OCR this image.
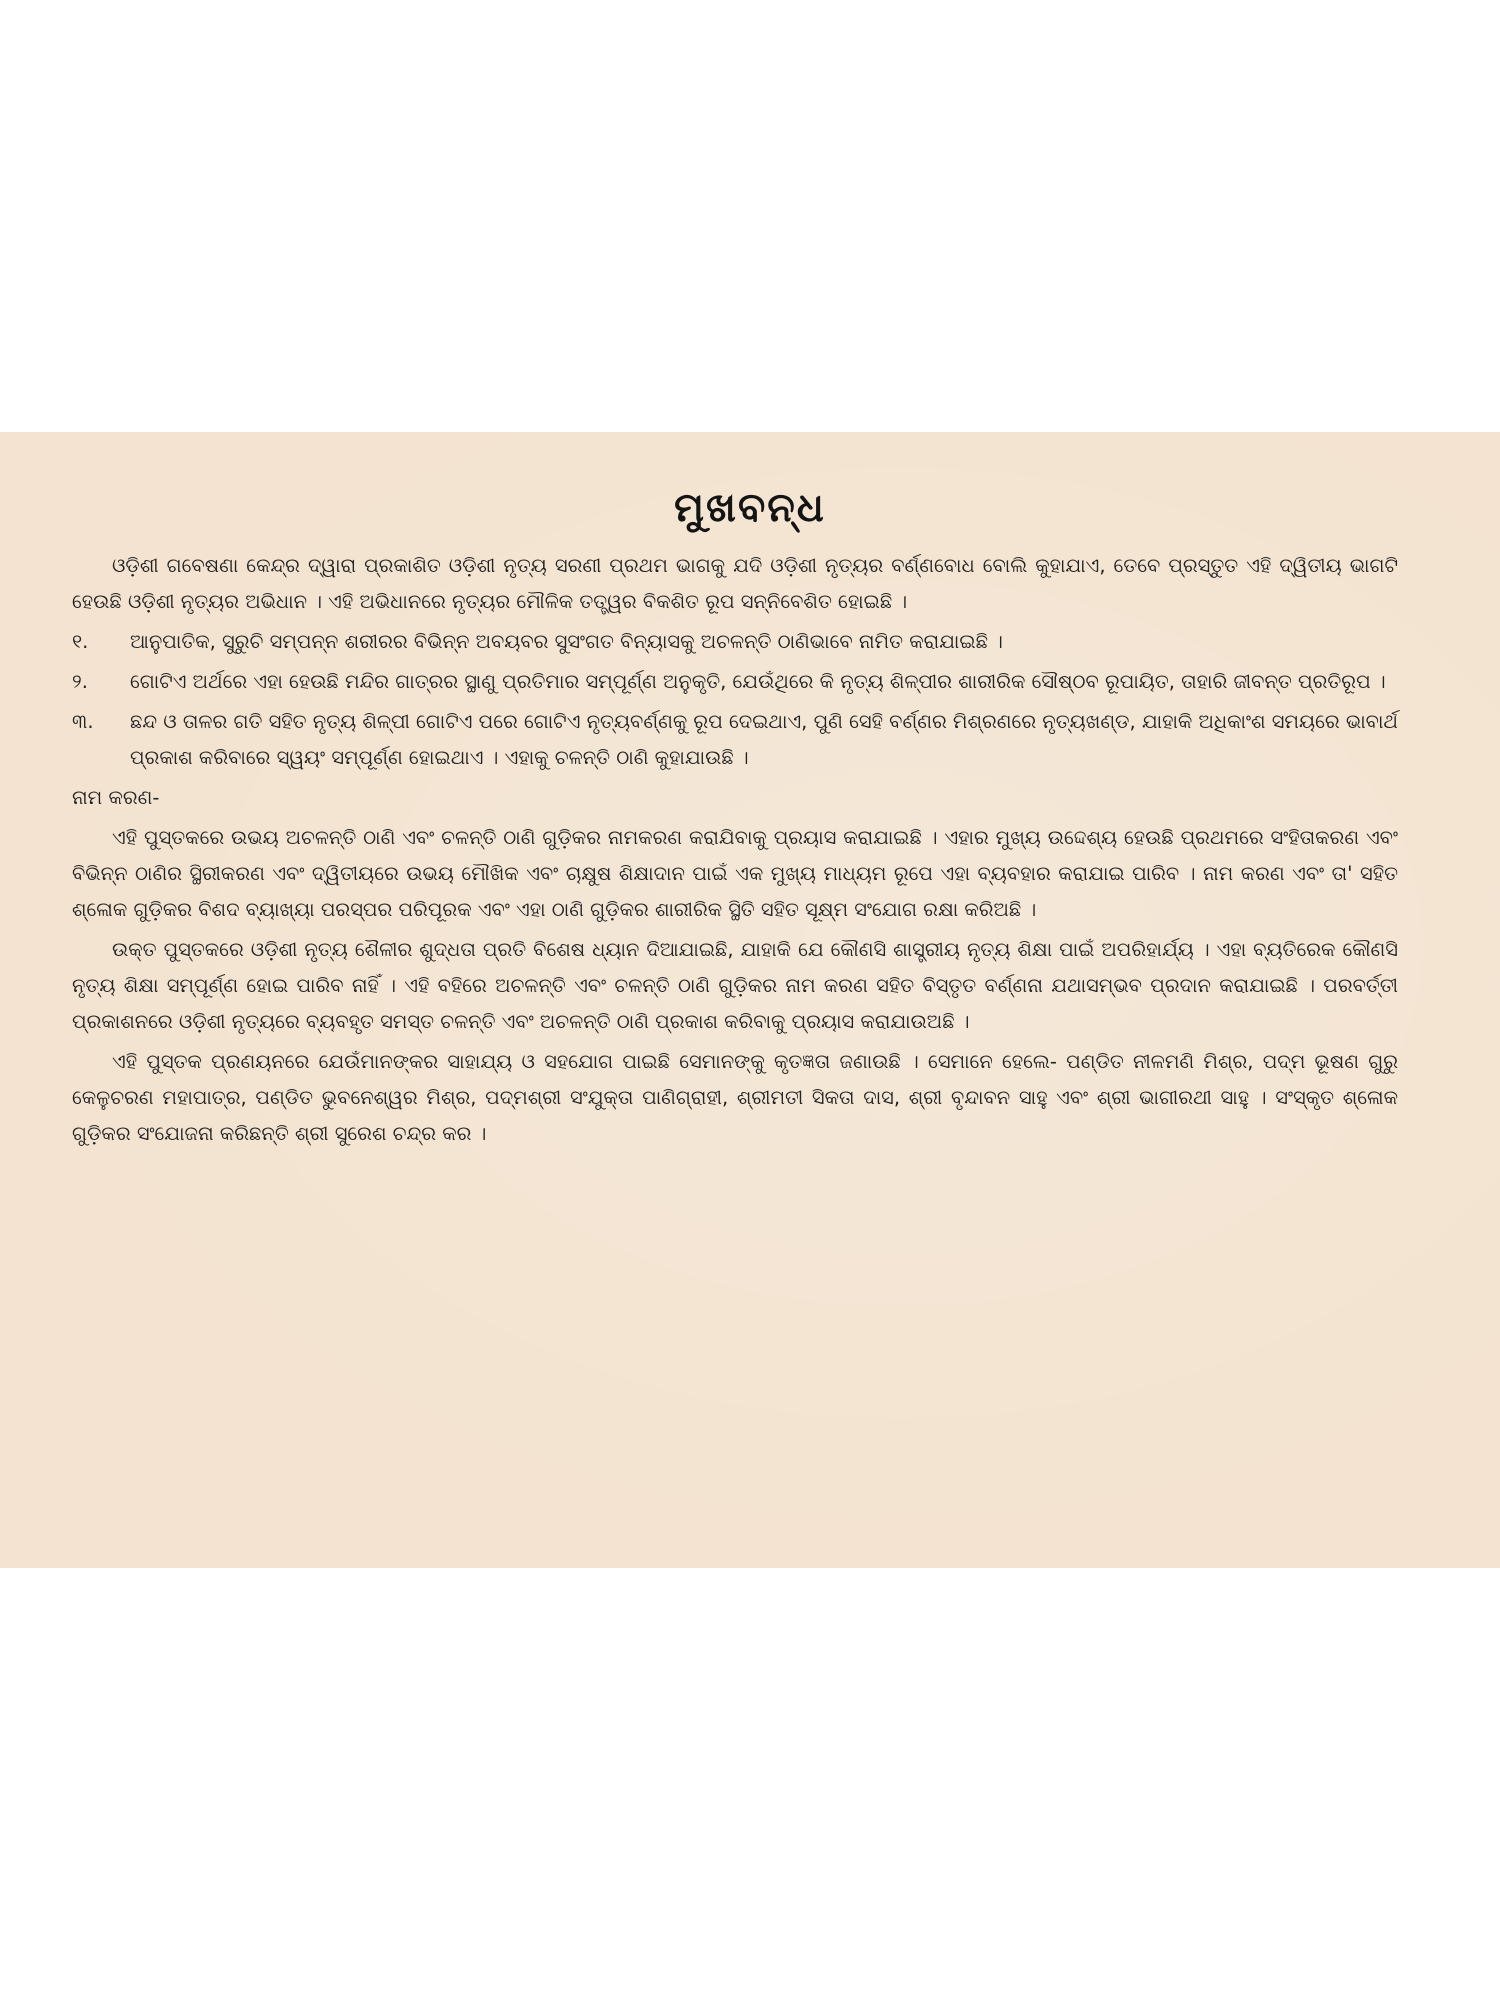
ମୁଖବନ୍ଧ

ଓଡ଼ିଶୀ ଗବେଷଣା କେନ୍ଦ୍ର ଦ୍ୱାରା ପ୍ରକାଶିତ ଓଡ଼ିଶୀ ନୃତ୍ୟ ସରଣୀ ପ୍ରଥମ ଭାଗକୁ ଯଦି ଓଡ଼ିଶୀ ନୃତ୍ୟର ବର୍ଣ୍ଣବୋଧ ବୋଲି କୁହାଯାଏ, ତେବେ ପ୍ରସ୍ତୁତ ଏହି ଦ୍ୱିତୀୟ ଭାଗଟି ହେଉଛି ଓଡ଼ିଶୀ ନୃତ୍ୟର ଅଭିଧାନ । ଏହି ଅଭିଧାନରେ ନୃତ୍ୟର ମୌଳିକ ତତ୍ତ୍ୱର ବିକଶିତ ରୂପ ସନ୍ନିବେଶିତ ହୋଇଛି ।

୧.	ଆନୁପାତିକ, ସୁରୁଚି ସମ୍ପନ୍ନ ଶରୀରର ବିଭିନ୍ନ ଅବୟବର ସୁସଂଗତ ବିନ୍ୟାସକୁ ଅଚଳନ୍ତି ଠାଣିଭାବେ ନାମିତ କରାଯାଇଛି ।
୨.	ଗୋଟିଏ ଅର୍ଥରେ ଏହା ହେଉଛି ମନ୍ଦିର ଗାତ୍ରର ସ୍ଥାଣୁ ପ୍ରତିମାର ସମ୍ପୂର୍ଣ୍ଣ ଅନୁକୃତି, ଯେଉଁଥିରେ କି ନୃତ୍ୟ ଶିଳ୍ପୀର ଶାରୀରିକ ସୌଷ୍ଠବ ରୂପାୟିତ, ତାହାରି ଜୀବନ୍ତ ପ୍ରତିରୂପ ।
୩.	ଛନ୍ଦ ଓ ତାଳର ଗତି ସହିତ ନୃତ୍ୟ ଶିଳ୍ପୀ ଗୋଟିଏ ପରେ ଗୋଟିଏ ନୃତ୍ୟବର୍ଣ୍ଣକୁ ରୂପ ଦେଇଥାଏ, ପୁଣି ସେହି ବର୍ଣ୍ଣର ମିଶ୍ରଣରେ ନୃତ୍ୟଖଣ୍ଡ, ଯାହାକି ଅଧିକାଂଶ ସମୟରେ ଭାବାର୍ଥ ପ୍ରକାଶ କରିବାରେ ସ୍ୱୟଂ ସମ୍ପୂର୍ଣ୍ଣ ହୋଇଥାଏ । ଏହାକୁ ଚଳନ୍ତି ଠାଣି କୁହାଯାଉଛି ।

ନାମ କରଣ-

ଏହି ପୁସ୍ତକରେ ଉଭୟ ଅଚଳନ୍ତି ଠାଣି ଏବଂ ଚଳନ୍ତି ଠାଣି ଗୁଡ଼ିକର ନାମକରଣ କରାଯିବାକୁ ପ୍ରୟାସ କରାଯାଇଛି । ଏହାର ମୁଖ୍ୟ ଉଦ୍ଦେଶ୍ୟ ହେଉଛି ପ୍ରଥମରେ ସଂହିତାକରଣ ଏବଂ ବିଭିନ୍ନ ଠାଣିର ସ୍ଥିରୀକରଣ ଏବଂ ଦ୍ୱିତୀୟରେ ଉଭୟ ମୌଖିକ ଏବଂ ଚାକ୍ଷୁଷ ଶିକ୍ଷାଦାନ ପାଇଁ ଏକ ମୁଖ୍ୟ ମାଧ୍ୟମ ରୂପେ ଏହା ବ୍ୟବହାର କରାଯାଇ ପାରିବ । ନାମ କରଣ ଏବଂ ତା' ସହିତ ଶ୍ଳୋକ ଗୁଡ଼ିକର ବିଶଦ ବ୍ୟାଖ୍ୟା ପରସ୍ପର ପରିପୂରକ ଏବଂ ଏହା ଠାଣି ଗୁଡ଼ିକର ଶାରୀରିକ ସ୍ଥିତି ସହିତ ସୂକ୍ଷ୍ମ ସଂଯୋଗ ରକ୍ଷା କରିଅଛି ।

ଉକ୍ତ ପୁସ୍ତକରେ ଓଡ଼ିଶୀ ନୃତ୍ୟ ଶୈଳୀର ଶୁଦ୍ଧତା ପ୍ରତି ବିଶେଷ ଧ୍ୟାନ ଦିଆଯାଇଛି, ଯାହାକି ଯେ କୌଣସି ଶାସ୍ତ୍ରୀୟ ନୃତ୍ୟ ଶିକ୍ଷା ପାଇଁ ଅପରିହାର୍ଯ୍ୟ । ଏହା ବ୍ୟତିରେକ କୌଣସି ନୃତ୍ୟ ଶିକ୍ଷା ସମ୍ପୂର୍ଣ୍ଣ ହୋଇ ପାରିବ ନାହିଁ । ଏହି ବହିରେ ଅଚଳନ୍ତି ଏବଂ ଚଳନ୍ତି ଠାଣି ଗୁଡ଼ିକର ନାମ କରଣ ସହିତ ବିସ୍ତୃତ ବର୍ଣ୍ଣନା ଯଥାସମ୍ଭବ ପ୍ରଦାନ କରାଯାଇଛି । ପରବର୍ତ୍ତୀ ପ୍ରକାଶନରେ ଓଡ଼ିଶୀ ନୃତ୍ୟରେ ବ୍ୟବହୃତ ସମସ୍ତ ଚଳନ୍ତି ଏବଂ ଅଚଳନ୍ତି ଠାଣି ପ୍ରକାଶ କରିବାକୁ ପ୍ରୟାସ କରାଯାଉଅଛି ।

ଏହି ପୁସ୍ତକ ପ୍ରଣୟନରେ ଯେଉଁମାନଙ୍କର ସାହାଯ୍ୟ ଓ ସହଯୋଗ ପାଇଛି ସେମାନଙ୍କୁ କୃତଜ୍ଞତା ଜଣାଉଛି । ସେମାନେ ହେଲେ- ପଣ୍ଡିତ ନୀଳମଣି ମିଶ୍ର, ପଦ୍ମ ଭୂଷଣ ଗୁରୁ କେଳୁଚରଣ ମହାପାତ୍ର, ପଣ୍ଡିତ ଭୁବନେଶ୍ୱର ମିଶ୍ର, ପଦ୍ମଶ୍ରୀ ସଂଯୁକ୍ତା ପାଣିଗ୍ରାହୀ, ଶ୍ରୀମତୀ ସିକତା ଦାସ, ଶ୍ରୀ ବୃନ୍ଦାବନ ସାହୁ ଏବଂ ଶ୍ରୀ ଭାଗୀରଥୀ ସାହୁ । ସଂସ୍କୃତ ଶ୍ଳୋକ ଗୁଡ଼ିକର ସଂଯୋଜନା କରିଛନ୍ତି ଶ୍ରୀ ସୁରେଶ ଚନ୍ଦ୍ର କର ।
